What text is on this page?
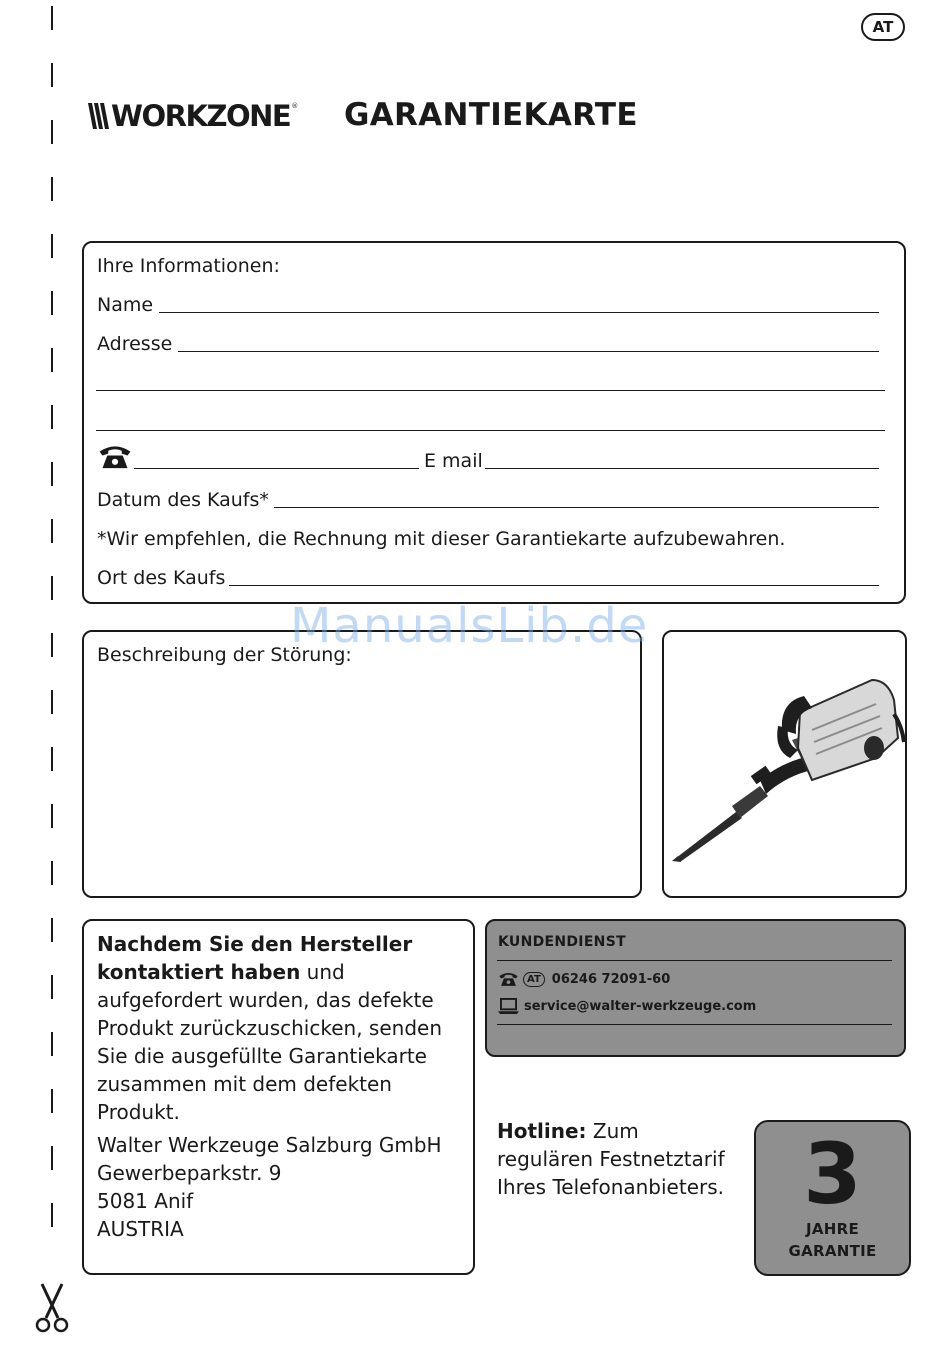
AT
WORKZONE ® GARANTIEKARTE
Ihre Informationen:
Name
Adresse
E mail
Datum des Kaufs*
*Wir empfehlen, die Rechnung mit dieser Garantiekarte aufzubewahren.
Ort des Kaufs
Beschreibung der Störung:
ManualsLib.de
Nachdem Sie den Hersteller kontaktiert haben und aufgefordert wurden, das defekte Produkt zurückzuschicken, senden Sie die ausgefüllte Garantiekarte zusammen mit dem defekten Produkt.
Walter Werkzeuge Salzburg GmbH
Gewerbeparkstr. 9
5081 Anif
AUSTRIA
KUNDENDIENST
AT 06246 72091-60
service@walter-werkzeuge.com
Hotline: Zum
regulären Festnetztarif
Ihres Telefonanbieters. 3
JAHRE
GARANTIE
